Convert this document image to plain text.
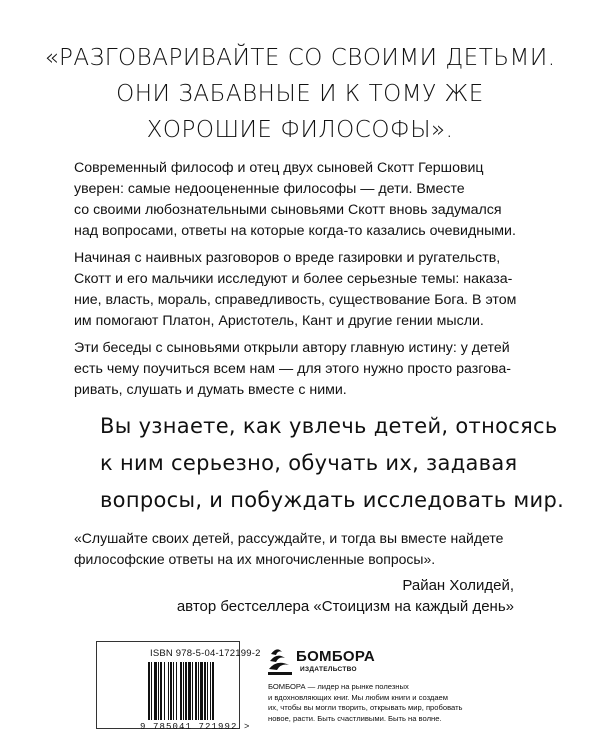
«РАЗГОВАРИВАЙТЕ СО СВОИМИ ДЕТЬМИ.
ОНИ ЗАБАВНЫЕ И К ТОМУ ЖЕ
ХОРОШИЕ ФИЛОСОФЫ».
Современный философ и отец двух сыновей Скотт Гершовиц
уверен: самые недооцененные философы — дети. Вместе
со своими любознательными сыновьями Скотт вновь задумался
над вопросами, ответы на которые когда-то казались очевидными.
Начиная с наивных разговоров о вреде газировки и ругательств,
Скотт и его мальчики исследуют и более серьезные темы: наказа-
ние, власть, мораль, справедливость, существование Бога. В этом
им помогают Платон, Аристотель, Кант и другие гении мысли.
Эти беседы с сыновьями открыли автору главную истину: у детей
есть чему поучиться всем нам — для этого нужно просто разгова-
ривать, слушать и думать вместе с ними.
Вы узнаете, как увлечь детей, относясь
к ним серьезно, обучать их, задавая
вопросы, и побуждать исследовать мир.
«Слушайте своих детей, рассуждайте, и тогда вы вместе найдете
философские ответы на их многочисленные вопросы».
Райан Холидей,
автор бестселлера «Стоицизм на каждый день»
ISBN 978-5-04-172199-2
9 785041 721992 >
БОМБОРА
ИЗДАТЕЛЬСТВО
БОМБОРА — лидер на рынке полезных
и вдохновляющих книг. Мы любим книги и создаем
их, чтобы вы могли творить, открывать мир, пробовать
новое, расти. Быть счастливыми. Быть на волне.
